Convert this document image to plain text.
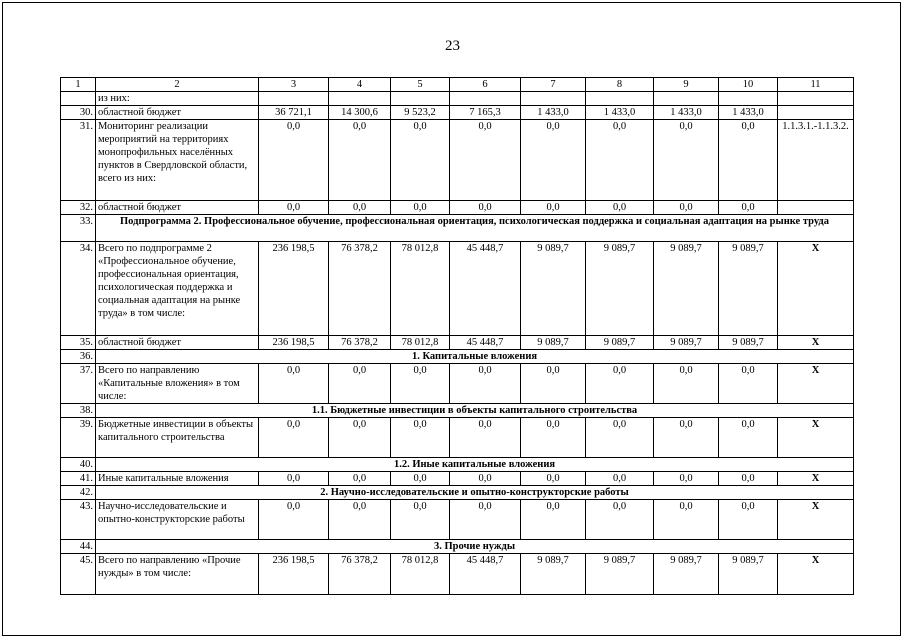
23
1	2	3	4	5	6	7	8	9	10	11
	из них:									
30.	областной бюджет	36 721,1	14 300,6	9 523,2	7 165,3	1 433,0	1 433,0	1 433,0	1 433,0	
31.	Мониторинг реализации мероприятий на территориях монопрофильных населённых пунктов в Свердловской области, всего из них:	0,0	0,0	0,0	0,0	0,0	0,0	0,0	0,0	1.1.3.1.-1.1.3.2.
32.	областной бюджет	0,0	0,0	0,0	0,0	0,0	0,0	0,0	0,0	
33.	Подпрограмма 2. Профессиональное обучение, профессиональная ориентация, психологическая поддержка и социальная адаптация на рынке труда									
34.	Всего по подпрограмме 2 «Профессиональное обучение, профессиональная ориентация, психологическая поддержка и социальная адаптация на рынке труда» в том числе:	236 198,5	76 378,2	78 012,8	45 448,7	9 089,7	9 089,7	9 089,7	9 089,7	Х
35.	областной бюджет	236 198,5	76 378,2	78 012,8	45 448,7	9 089,7	9 089,7	9 089,7	9 089,7	Х
36.	1. Капитальные вложения									
37.	Всего по направлению «Капитальные вложения» в том числе:	0,0	0,0	0,0	0,0	0,0	0,0	0,0	0,0	Х
38.	1.1. Бюджетные инвестиции в объекты капитального строительства									
39.	Бюджетные инвестиции в объекты капитального строительства	0,0	0,0	0,0	0,0	0,0	0,0	0,0	0,0	Х
40.	1.2. Иные капитальные вложения									
41.	Иные капитальные вложения	0,0	0,0	0,0	0,0	0,0	0,0	0,0	0,0	Х
42.	2. Научно-исследовательские и опытно-конструкторские работы									
43.	Научно-исследовательские и опытно-конструкторские работы	0,0	0,0	0,0	0,0	0,0	0,0	0,0	0,0	Х
44.	3. Прочие нужды									
45.	Всего по направлению «Прочие нужды» в том числе:	236 198,5	76 378,2	78 012,8	45 448,7	9 089,7	9 089,7	9 089,7	9 089,7	Х
